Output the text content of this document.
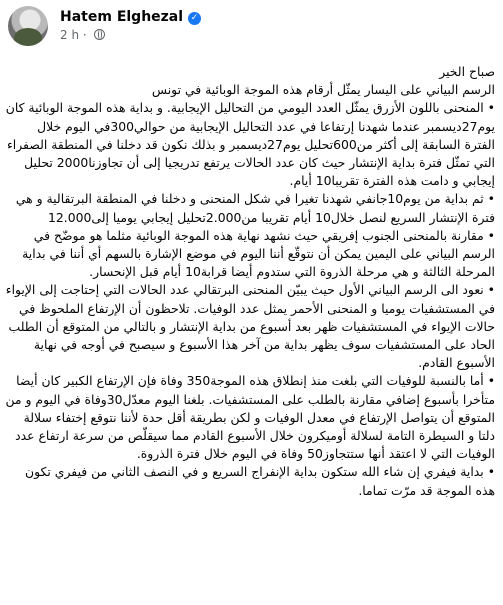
Hatem Elghezal ✓
2 h ·

صباح الخير

الرسم البياني على اليسار يمثّل أرقام هذه الموجة الوبائية في تونس

• المنحنى باللون الأزرق يمثّل العدد اليومي من التحاليل الإيجابية. و بداية هذه الموجة الوبائية كان يوم27ديسمبر عندما شهدنا إرتفاعا في عدد التحاليل الإيجابية من حوالي300في اليوم خلال الفترة السابقة إلى أكثر من600تحليل يوم27ديسمبر و بذلك نكون قد دخلنا في المنطقة الصفراء التي تمثّل فترة بداية الإنتشار حيث كان عدد الحالات يرتفع تدريجيا إلى أن تجاوزنا2000 تحليل إيجابي و دامت هذه الفترة تقريبا10 أيام.

• ثم بداية من يوم10جانفي شهدنا تغيرا في شكل المنحنى و دخلنا في المنطقة البرتقالية و هي فترة الإنتشار السريع لنصل خلال10 أيام تقريبا من2.000تحليل إيجابي يوميا إلى12.000

• مقارنة بالمنحنى الجنوب إفريقي حيث نشهد نهاية هذه الموجة الوبائية مثلما هو موضّح في الرسم البياني على اليمين يمكن أن نتوقّع أننا اليوم في موضع الإشارة بالسهم أي أننا في بداية المرحلة الثالثة و هي مرحلة الذروة التي ستدوم أيضا قرابة10 أيام قبل الإنحسار.

• نعود الى الرسم البياني الأول حيث يبيّن المنحنى البرتقالي عدد الحالات التي إحتاجت إلى الإيواء في المستشفيات يوميا و المنحنى الأحمر يمثل عدد الوفيات. تلاحظون أن الإرتفاع الملحوظ في حالات الإيواء في المستشفيات ظهر بعد أسبوع من بداية الإنتشار و بالتالي من المتوقع أن الطلب الحاد على المستشفيات سوف يظهر بداية من آخر هذا الأسبوع و سيصبح في أوجه في نهاية الأسبوع القادم.

• أما بالنسبة للوفيات التي بلغت منذ إنطلاق هذه الموجة350 وفاة فإن الإرتفاع الكبير كان أيضا متأخرا بأسبوع إضافي مقارنة بالطلب على المستشفيات. بلغنا اليوم معدّل30وفاة في اليوم و من المتوقع أن يتواصل الإرتفاع في معدل الوفيات و لكن بطريقة أقل حدة لأننا نتوقع إختفاء سلالة دلتا و السيطرة التامة لسلالة أوميكرون خلال الأسبوع القادم مما سيقلّص من سرعة ارتفاع عدد الوفيات التي لا اعتقد أنها ستتجاوز50 وفاة في اليوم خلال فترة الذروة.

• بداية فيفري إن شاء الله ستكون بداية الإنفراج السريع و في النصف الثاني من فيفري تكون هذه الموجة قد مرّت تماما.
